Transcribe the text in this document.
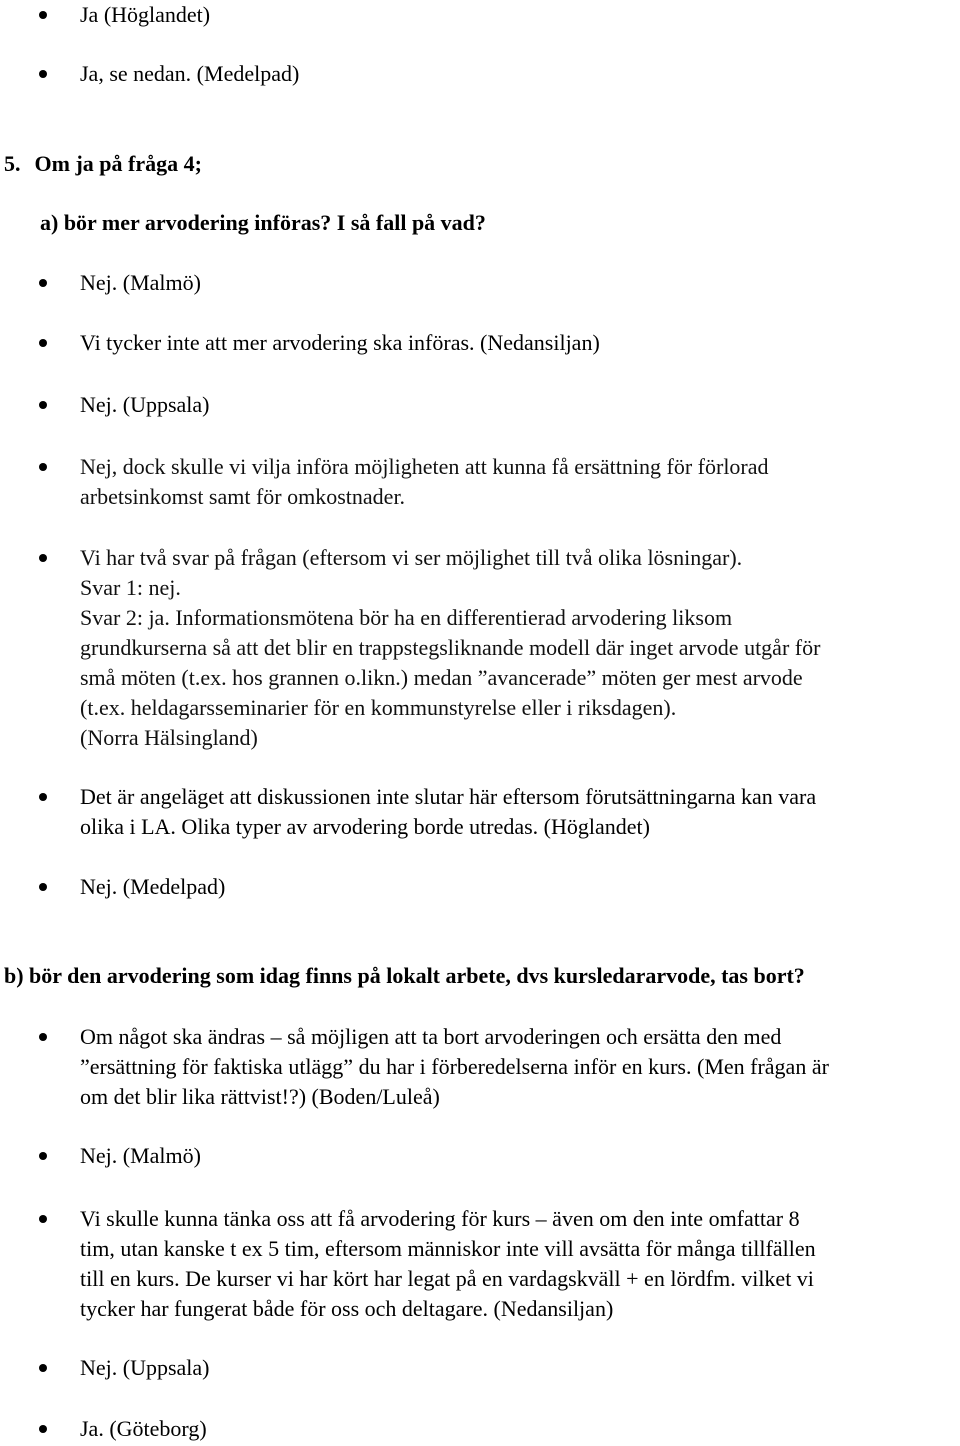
Ja (Höglandet)
Ja, se nedan. (Medelpad)
5. Om ja på fråga 4;
a) bör mer arvodering införas? I så fall på vad?
Nej. (Malmö)
Vi tycker inte att mer arvodering ska införas. (Nedansiljan)
Nej. (Uppsala)
Nej, dock skulle vi vilja införa möjligheten att kunna få ersättning för förlorad
arbetsinkomst samt för omkostnader.
Vi har två svar på frågan (eftersom vi ser möjlighet till två olika lösningar).
Svar 1: nej.
Svar 2: ja. Informationsmötena bör ha en differentierad arvodering liksom
grundkurserna så att det blir en trappstegsliknande modell där inget arvode utgår för
små möten (t.ex. hos grannen o.likn.) medan ”avancerade” möten ger mest arvode
(t.ex. heldagarsseminarier för en kommunstyrelse eller i riksdagen).
(Norra Hälsingland)
Det är angeläget att diskussionen inte slutar här eftersom förutsättningarna kan vara
olika i LA. Olika typer av arvodering borde utredas. (Höglandet)
Nej. (Medelpad)
b) bör den arvodering som idag finns på lokalt arbete, dvs kursledararvode, tas bort?
Om något ska ändras – så möjligen att ta bort arvoderingen och ersätta den med
”ersättning för faktiska utlägg” du har i förberedelserna inför en kurs. (Men frågan är
om det blir lika rättvist!?) (Boden/Luleå)
Nej. (Malmö)
Vi skulle kunna tänka oss att få arvodering för kurs – även om den inte omfattar 8
tim, utan kanske t ex 5 tim, eftersom människor inte vill avsätta för många tillfällen
till en kurs. De kurser vi har kört har legat på en vardagskväll + en lördfm. vilket vi
tycker har fungerat både för oss och deltagare. (Nedansiljan)
Nej. (Uppsala)
Ja. (Göteborg)
